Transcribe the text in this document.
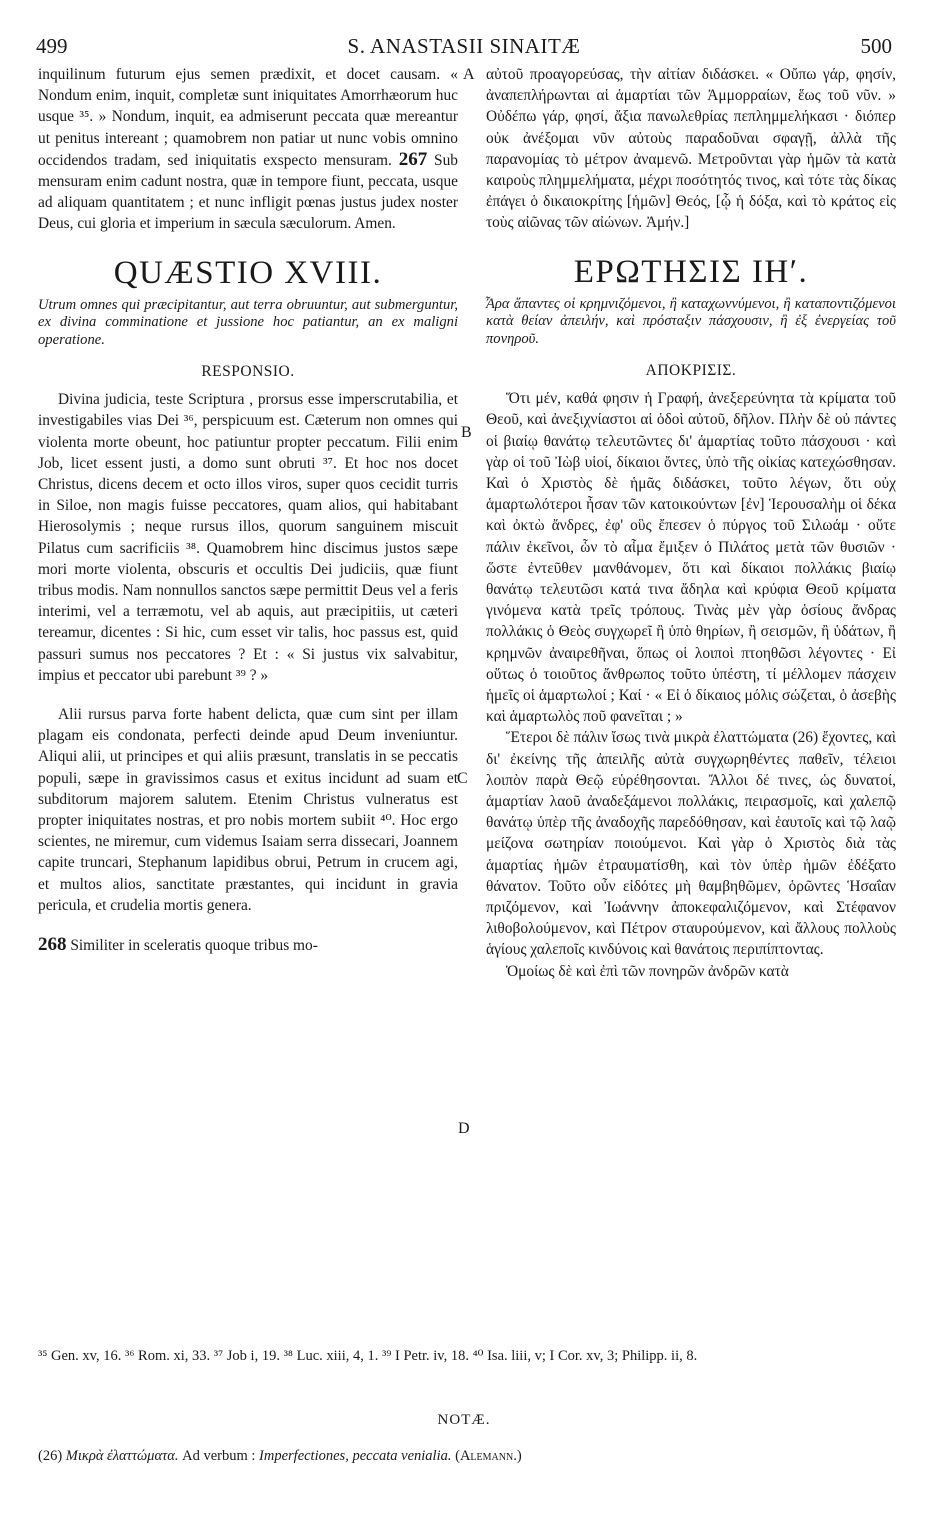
499	S. ANASTASII SINAITÆ	500
A
B
C
D

inquilinum futurum ejus semen prædixit, et docet causam. « Nondum enim, inquit, completæ sunt iniquitates Amorrhæorum huc usque ³⁵. » Nondum, inquit, ea admiserunt peccata quæ mereantur ut penitus intereant ; quamobrem non patiar ut nunc vobis omnino occidendos tradam, sed iniquitatis exspecto mensuram. 267 Sub mensuram enim cadunt nostra, quæ in tempore fiunt, peccata, usque ad aliquam quantitatem ; et nunc infligit pœnas justus judex noster Deus, cui gloria et imperium in sæcula sæculorum. Amen.

QUÆSTIO XVIII.
Utrum omnes qui præcipitantur, aut terra obruuntur, aut submerguntur, ex divina comminatione et jussione hoc patiantur, an ex maligni operatione.
RESPONSIO.

Divina judicia, teste Scriptura , prorsus esse imperscrutabilia, et investigabiles vias Dei ³⁶, perspicuum est. Cæterum non omnes qui violenta morte obeunt, hoc patiuntur propter peccatum. Filii enim Job, licet essent justi, a domo sunt obruti ³⁷. Et hoc nos docet Christus, dicens decem et octo illos viros, super quos cecidit turris in Siloe, non magis fuisse peccatores, quam alios, qui habitabant Hierosolymis ; neque rursus illos, quorum sanguinem miscuit Pilatus cum sacrificiis ³⁸. Quamobrem hinc discimus justos sæpe mori morte violenta, obscuris et occultis Dei judiciis, quæ fiunt tribus modis. Nam nonnullos sanctos sæpe permittit Deus vel a feris interimi, vel a terræmotu, vel ab aquis, aut præcipitiis, ut cæteri tereamur, dicentes : Si hic, cum esset vir talis, hoc passus est, quid passuri sumus nos peccatores ? Et : « Si justus vix salvabitur, impius et peccator ubi parebunt ³⁹ ? »

Alii rursus parva forte habent delicta, quæ cum sint per illam plagam eis condonata, perfecti deinde apud Deum inveniuntur. Aliqui alii, ut principes et qui aliis præsunt, translatis in se peccatis populi, sæpe in gravissimos casus et exitus incidunt ad suam et subditorum majorem salutem. Etenim Christus vulneratus est propter iniquitates nostras, et pro nobis mortem subiit ⁴⁰. Hoc ergo scientes, ne miremur, cum videmus Isaiam serra dissecari, Joannem capite truncari, Stephanum lapidibus obrui, Petrum in crucem agi, et multos alios, sanctitate præstantes, qui incidunt in gravia pericula, et crudelia mortis genera.

268 Similiter in sceleratis quoque tribus mo-

αὐτοῦ προαγορεύσας, τὴν αἰτίαν διδάσκει. « Οὔπω γάρ, φησίν, ἀναπεπλήρωνται αἱ ἁμαρτίαι τῶν Ἀμμορραίων, ἕως τοῦ νῦν. » Οὐδέπω γάρ, φησί, ἄξια πανωλεθρίας πεπλημμελήκασι · διόπερ οὐκ ἀνέξομαι νῦν αὐτοὺς παραδοῦναι σφαγῇ, ἀλλὰ τῆς παρανομίας τὸ μέτρον ἀναμενῶ. Μετροῦνται γὰρ ἡμῶν τὰ κατὰ καιροὺς πλημμελήματα, μέχρι ποσότητός τινος, καὶ τότε τὰς δίκας ἐπάγει ὁ δικαιοκρίτης [ἡμῶν] Θεός, [ᾧ ἡ δόξα, καὶ τὸ κράτος εἰς τοὺς αἰῶνας τῶν αἰώνων. Ἀμήν.]

ΕΡΩΤΗΣΙΣ ΙΗʹ.
Ἆρα ἅπαντες οἱ κρημνιζόμενοι, ἢ καταχωννύμενοι, ἢ καταποντιζόμενοι κατὰ θείαν ἀπειλήν, καὶ πρόσταξιν πάσχουσιν, ἢ ἐξ ἐνεργείας τοῦ πονηροῦ.
ΑΠΟΚΡΙΣΙΣ.

Ὅτι μέν, καθά φησιν ἡ Γραφή, ἀνεξερεύνητα τὰ κρίματα τοῦ Θεοῦ, καὶ ἀνεξιχνίαστοι αἱ ὁδοὶ αὐτοῦ, δῆλον. Πλὴν δὲ οὐ πάντες οἱ βιαίῳ θανάτῳ τελευτῶντες δι' ἁμαρτίας τοῦτο πάσχουσι · καὶ γὰρ οἱ τοῦ Ἰὼβ υἱοί, δίκαιοι ὄντες, ὑπὸ τῆς οἰκίας κατεχώσθησαν. Καὶ ὁ Χριστὸς δὲ ἡμᾶς διδάσκει, τοῦτο λέγων, ὅτι οὐχ ἁμαρτωλότεροι ἦσαν τῶν κατοικούντων [ἐν] Ἱερουσαλὴμ οἱ δέκα καὶ ὀκτὼ ἄνδρες, ἐφ' οὓς ἔπεσεν ὁ πύργος τοῦ Σιλωάμ · οὔτε πάλιν ἐκεῖνοι, ὧν τὸ αἷμα ἔμιξεν ὁ Πιλάτος μετὰ τῶν θυσιῶν · ὥστε ἐντεῦθεν μανθάνομεν, ὅτι καὶ δίκαιοι πολλάκις βιαίῳ θανάτῳ τελευτῶσι κατά τινα ἄδηλα καὶ κρύφια Θεοῦ κρίματα γινόμενα κατὰ τρεῖς τρόπους. Τινὰς μὲν γὰρ ὁσίους ἄνδρας πολλάκις ὁ Θεὸς συγχωρεῖ ἢ ὑπὸ θηρίων, ἢ σεισμῶν, ἢ ὑδάτων, ἢ κρημνῶν ἀναιρεθῆναι, ὅπως οἱ λοιποὶ πτοηθῶσι λέγοντες · Εἰ οὕτως ὁ τοιοῦτος ἄνθρωπος τοῦτο ὑπέστη, τί μέλλομεν πάσχειν ἡμεῖς οἱ ἁμαρτωλοί ; Καί · « Εἰ ὁ δίκαιος μόλις σώζεται, ὁ ἀσεβὴς καὶ ἁμαρτωλὸς ποῦ φανεῖται ; »

Ἕτεροι δὲ πάλιν ἴσως τινὰ μικρὰ ἐλαττώματα (26) ἔχοντες, καὶ δι' ἐκείνης τῆς ἀπειλῆς αὐτὰ συγχωρηθέντες παθεῖν, τέλειοι λοιπὸν παρὰ Θεῷ εὑρέθησονται. Ἄλλοι δέ τινες, ὡς δυνατοί, ἁμαρτίαν λαοῦ ἀναδεξάμενοι πολλάκις, πειρασμοῖς, καὶ χαλεπῷ θανάτῳ ὑπὲρ τῆς ἀναδοχῆς παρεδόθησαν, καὶ ἑαυτοῖς καὶ τῷ λαῷ μείζονα σωτηρίαν ποιούμενοι. Καὶ γὰρ ὁ Χριστὸς διὰ τὰς ἁμαρτίας ἡμῶν ἐτραυματίσθη, καὶ τὸν ὑπὲρ ἡμῶν ἐδέξατο θάνατον. Τοῦτο οὖν εἰδότες μὴ θαμβηθῶμεν, ὁρῶντες Ἡσαΐαν πριζόμενον, καὶ Ἰωάννην ἀποκεφαλιζόμενον, καὶ Στέφανον λιθοβολούμενον, καὶ Πέτρον σταυρούμενον, καὶ ἄλλους πολλοὺς ἁγίους χαλεποῖς κινδύνοις καὶ θανάτοις περιπίπτοντας.

Ὁμοίως δὲ καὶ ἐπὶ τῶν πονηρῶν ἀνδρῶν κατὰ

³⁵ Gen. xv, 16. ³⁶ Rom. xi, 33. ³⁷ Job i, 19. ³⁸ Luc. xiii, 4, 1. ³⁹ I Petr. iv, 18. ⁴⁰ Isa. liii, v; I Cor. xv, 3; Philipp. ii, 8.
NOTÆ.
(26) Μικρὰ ἐλαττώματα. Ad verbum : Imperfectiones, peccata venialia. (Alemann.)
